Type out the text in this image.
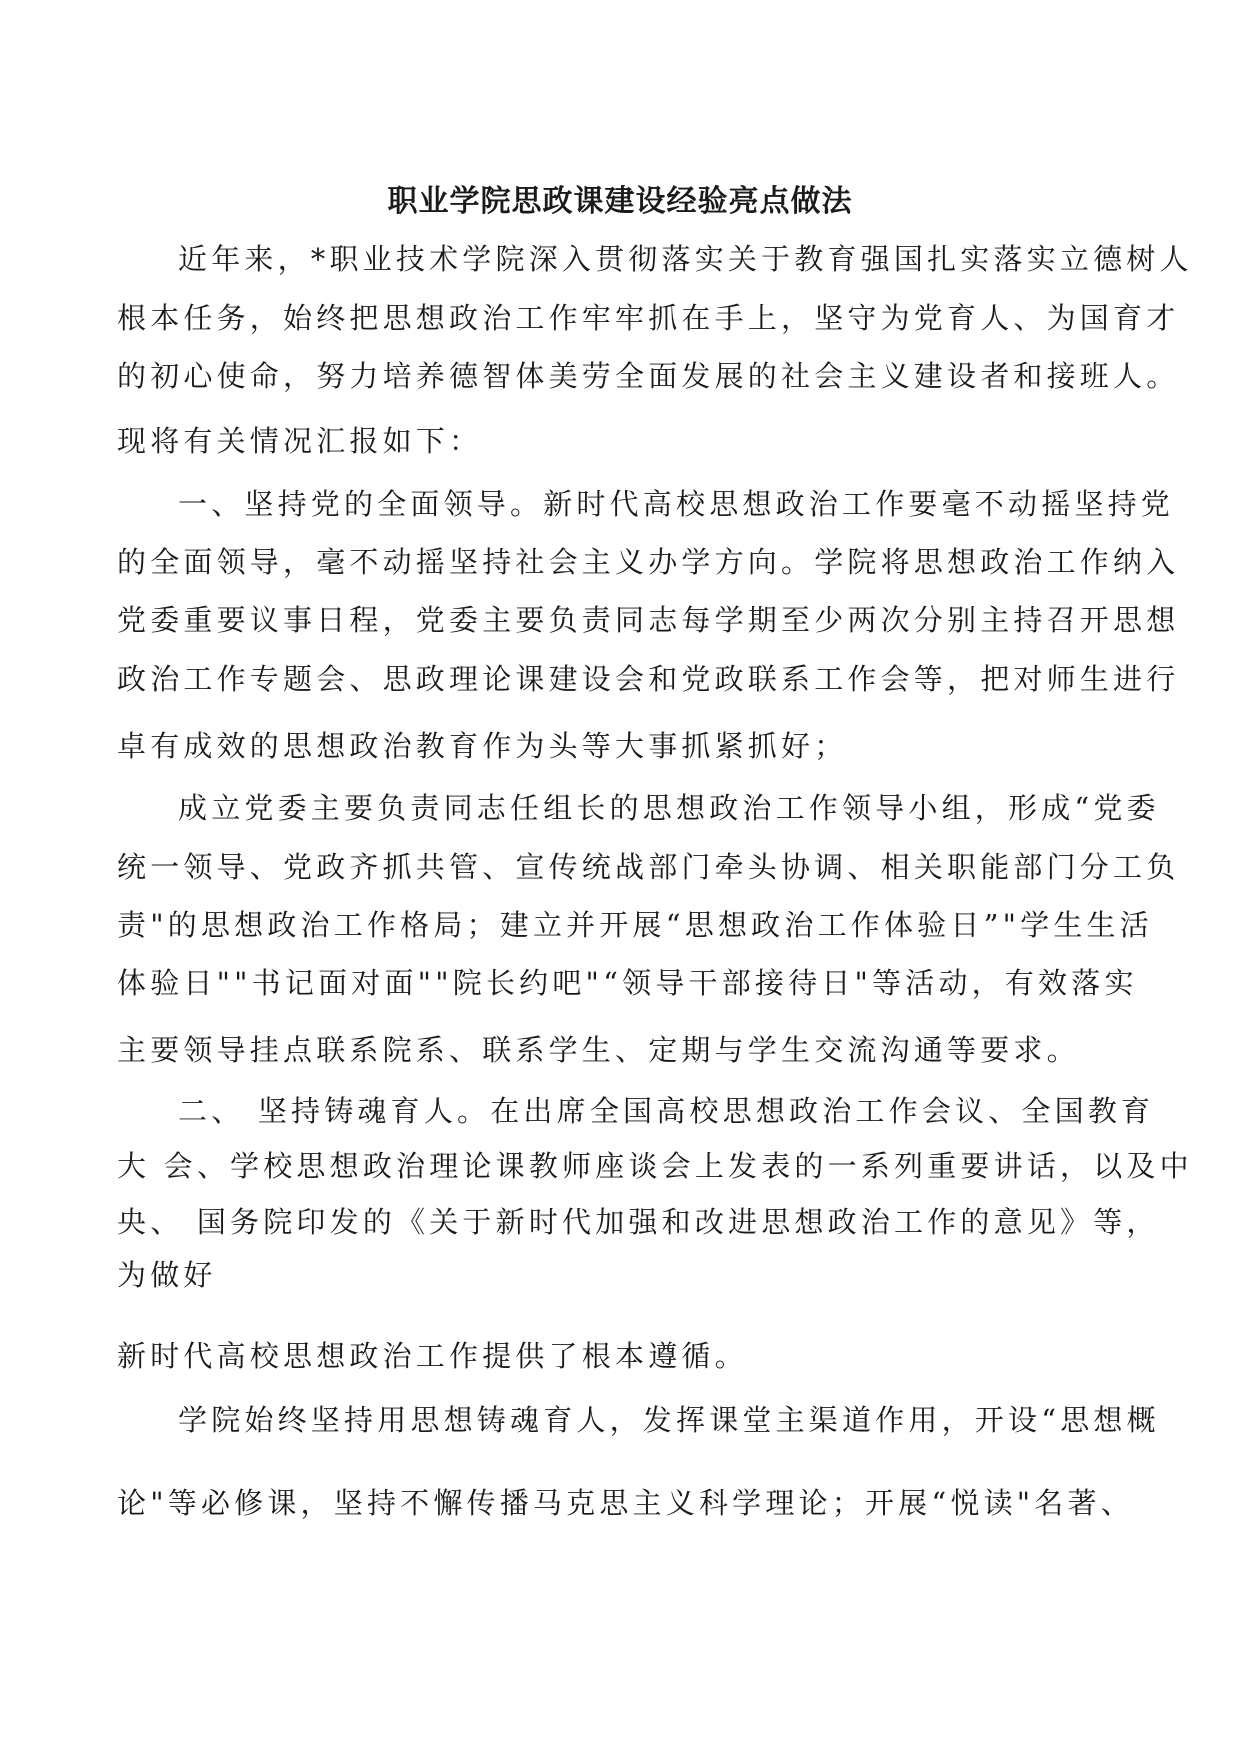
职业学院思政课建设经验亮点做法
近年来，*职业技术学院深入贯彻落实关于教育强国扎实落实立德树人
根本任务，始终把思想政治工作牢牢抓在手上，坚守为党育人、为国育才
的初心使命，努力培养德智体美劳全面发展的社会主义建设者和接班人。
现将有关情况汇报如下：
一、坚持党的全面领导。新时代高校思想政治工作要毫不动摇坚持党
的全面领导，毫不动摇坚持社会主义办学方向。学院将思想政治工作纳入
党委重要议事日程，党委主要负责同志每学期至少两次分别主持召开思想
政治工作专题会、思政理论课建设会和党政联系工作会等，把对师生进行
卓有成效的思想政治教育作为头等大事抓紧抓好；
成立党委主要负责同志任组长的思想政治工作领导小组，形成“党委
统一领导、党政齐抓共管、宣传统战部门牵头协调、相关职能部门分工负
责"的思想政治工作格局；建立并开展“思想政治工作体验日”"学生生活
体验日""书记面对面""院长约吧"“领导干部接待日"等活动，有效落实
主要领导挂点联系院系、联系学生、定期与学生交流沟通等要求。
二、 坚持铸魂育人。在出席全国高校思想政治工作会议、全国教育
大 会、学校思想政治理论课教师座谈会上发表的一系列重要讲话，以及中
央、 国务院印发的《关于新时代加强和改进思想政治工作的意见》等，
为做好
新时代高校思想政治工作提供了根本遵循。
学院始终坚持用思想铸魂育人，发挥课堂主渠道作用，开设“思想概
论"等必修课，坚持不懈传播马克思主义科学理论；开展“悦读"名著、
